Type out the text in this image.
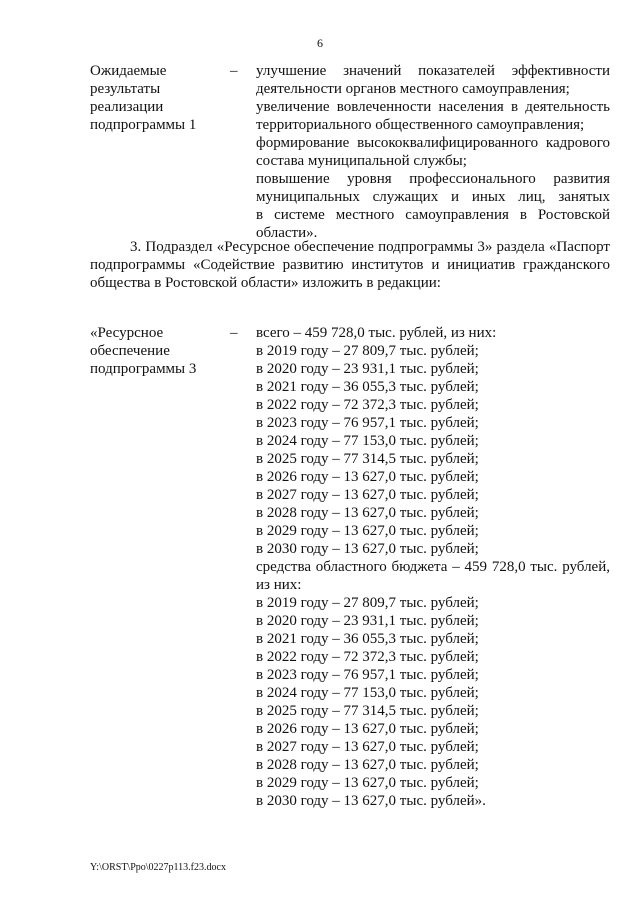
6
Ожидаемые
результаты
реализации
подпрограммы 1
–	улучшение значений показателей эффективности
деятельности органов местного самоуправления;
увеличение вовлеченности населения в деятельность
территориального общественного самоуправления;
формирование высококвалифицированного кадрового
состава муниципальной службы;
повышение уровня профессионального развития
муниципальных служащих и иных лиц, занятых
в системе местного самоуправления в Ростовской
области».
3. Подраздел «Ресурсное обеспечение подпрограммы 3» раздела «Паспорт
подпрограммы «Содействие развитию институтов и инициатив гражданского
общества в Ростовской области» изложить в редакции:
«Ресурсное
обеспечение
подпрограммы 3
–	всего – 459 728,0 тыс. рублей, из них:
в 2019 году – 27 809,7 тыс. рублей;
в 2020 году – 23 931,1 тыс. рублей;
в 2021 году – 36 055,3 тыс. рублей;
в 2022 году – 72 372,3 тыс. рублей;
в 2023 году – 76 957,1 тыс. рублей;
в 2024 году – 77 153,0 тыс. рублей;
в 2025 году – 77 314,5 тыс. рублей;
в 2026 году – 13 627,0 тыс. рублей;
в 2027 году – 13 627,0 тыс. рублей;
в 2028 году – 13 627,0 тыс. рублей;
в 2029 году – 13 627,0 тыс. рублей;
в 2030 году – 13 627,0 тыс. рублей;
средства областного бюджета – 459 728,0 тыс. рублей,
из них:
в 2019 году – 27 809,7 тыс. рублей;
в 2020 году – 23 931,1 тыс. рублей;
в 2021 году – 36 055,3 тыс. рублей;
в 2022 году – 72 372,3 тыс. рублей;
в 2023 году – 76 957,1 тыс. рублей;
в 2024 году – 77 153,0 тыс. рублей;
в 2025 году – 77 314,5 тыс. рублей;
в 2026 году – 13 627,0 тыс. рублей;
в 2027 году – 13 627,0 тыс. рублей;
в 2028 году – 13 627,0 тыс. рублей;
в 2029 году – 13 627,0 тыс. рублей;
в 2030 году – 13 627,0 тыс. рублей».
Y:\ORST\Ppo\0227p113.f23.docx
